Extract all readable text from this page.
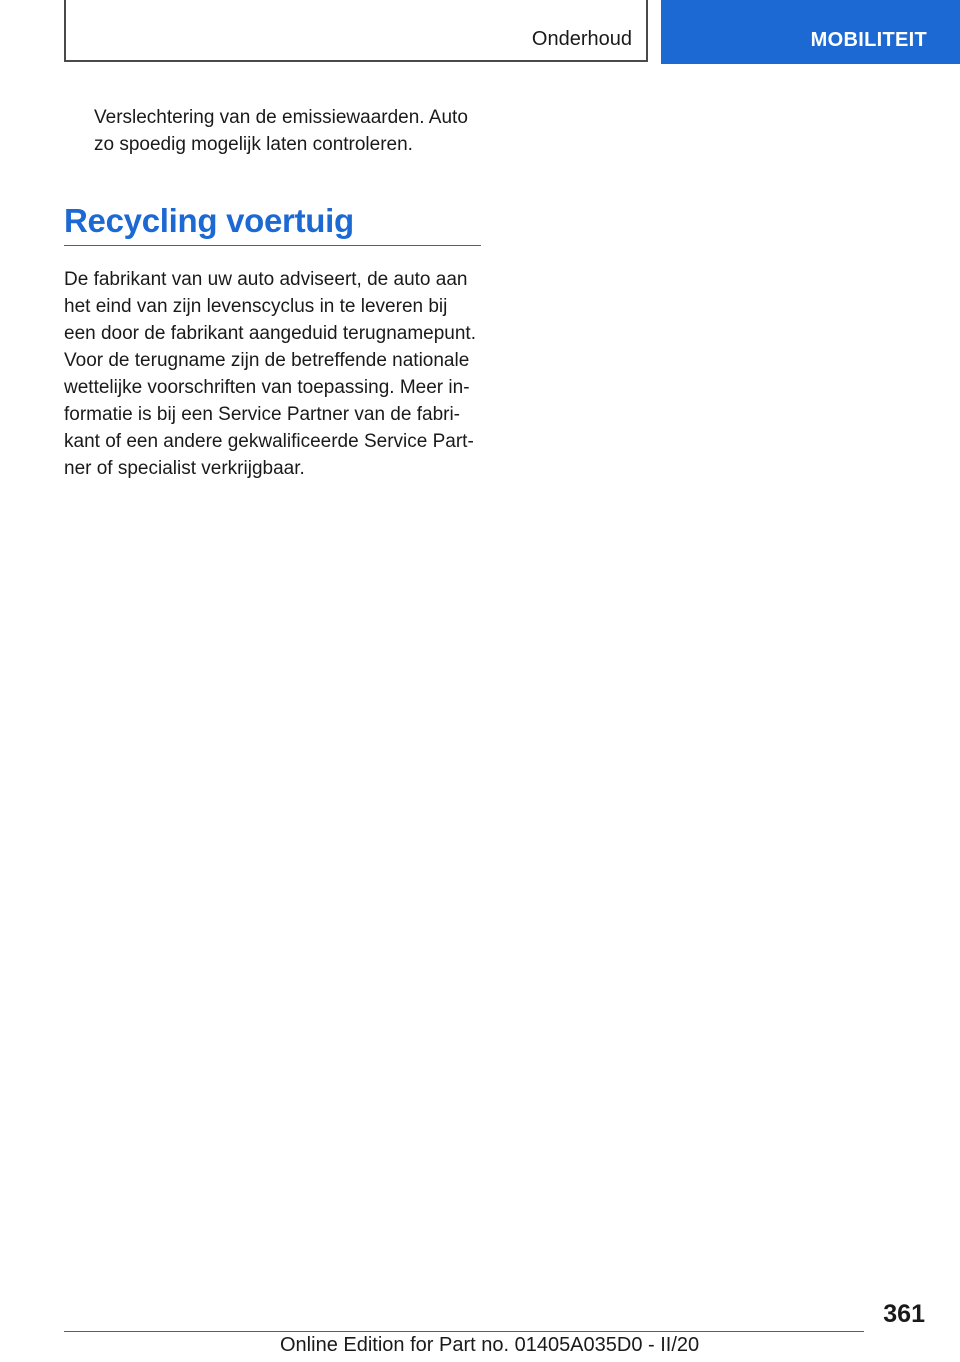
Onderhoud	MOBILITEIT

Verslechtering van de emissiewaarden. Auto

zo spoedig mogelijk laten controleren.

Recycling voertuig

De fabrikant van uw auto adviseert, de auto aan

het eind van zijn levenscyclus in te leveren bij

een door de fabrikant aangeduid terugnamepunt.

Voor de terugname zijn de betreffende nationale

wettelijke voorschriften van toepassing. Meer in-

formatie is bij een Service Partner van de fabri-

kant of een andere gekwalificeerde Service Part-

ner of specialist verkrijgbaar.

361
Online Edition for Part no. 01405A035D0 - II/20
